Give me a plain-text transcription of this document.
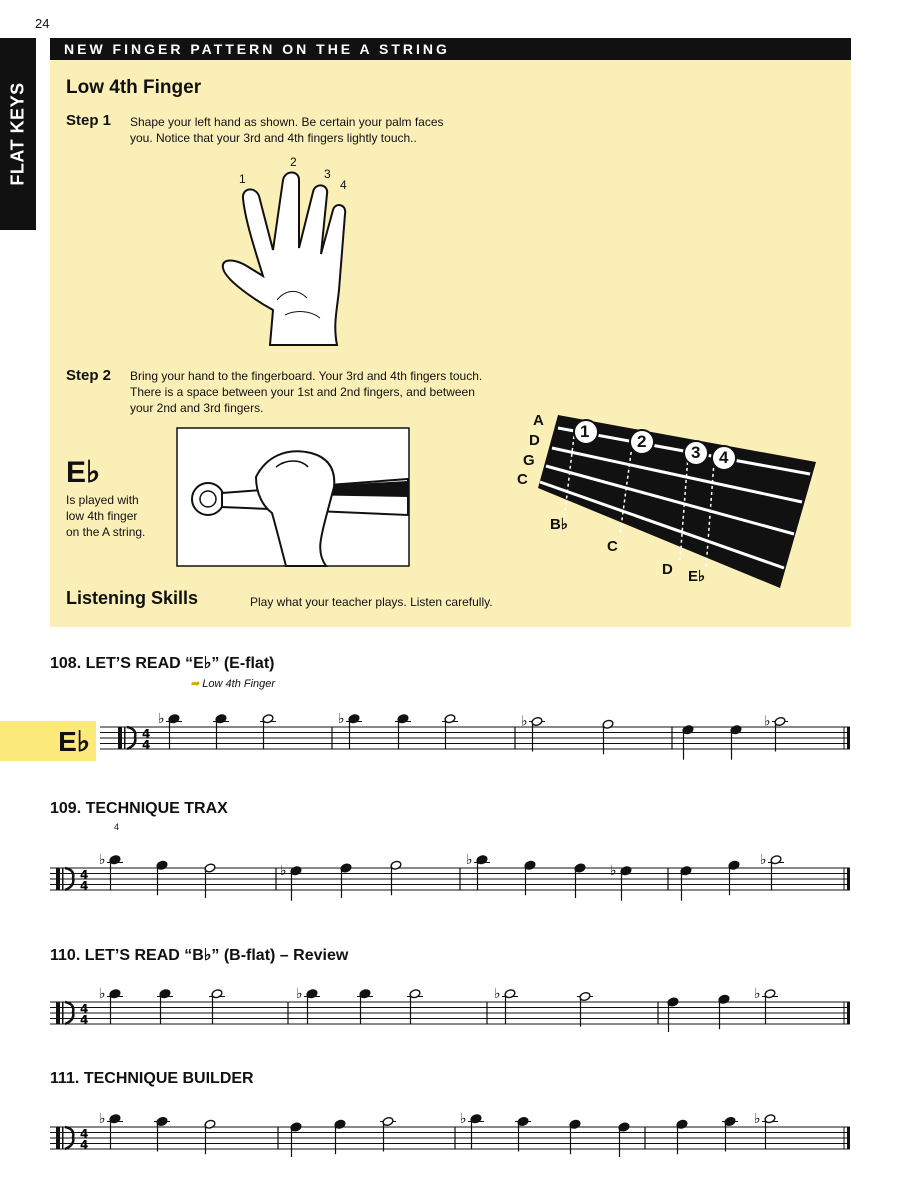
24
FLAT KEYS
NEW FINGER PATTERN ON THE A STRING
Low 4th Finger
Step 1 Shape your left hand as shown. Be certain your palm faces
you. Notice that your 3rd and 4th fingers lightly touch..
1
2
3
4
Step 2 Bring your hand to the fingerboard. Your 3rd and 4th fingers touch.
There is a space between your 1st and 2nd fingers, and between
your 2nd and 3rd fingers.
E♭
Is played with
low 4th finger
on the A string.
1
2
3 4
A
D
G
C
B♭
C
D E♭
Listening Skills	Play what your teacher plays. Listen carefully.
108. LET’S READ “E♭” (E-flat)
➡ Low 4th Finger
E♭
109. TECHNIQUE TRAX
4
110. LET’S READ “B♭” (B-flat) – Review
111. TECHNIQUE BUILDER
4
4
♭	♭	♭	♭
4
4
♭
♭
♭
♭
♭
4
4
♭	♭	♭	♭
4
4
♭	♭	♭
